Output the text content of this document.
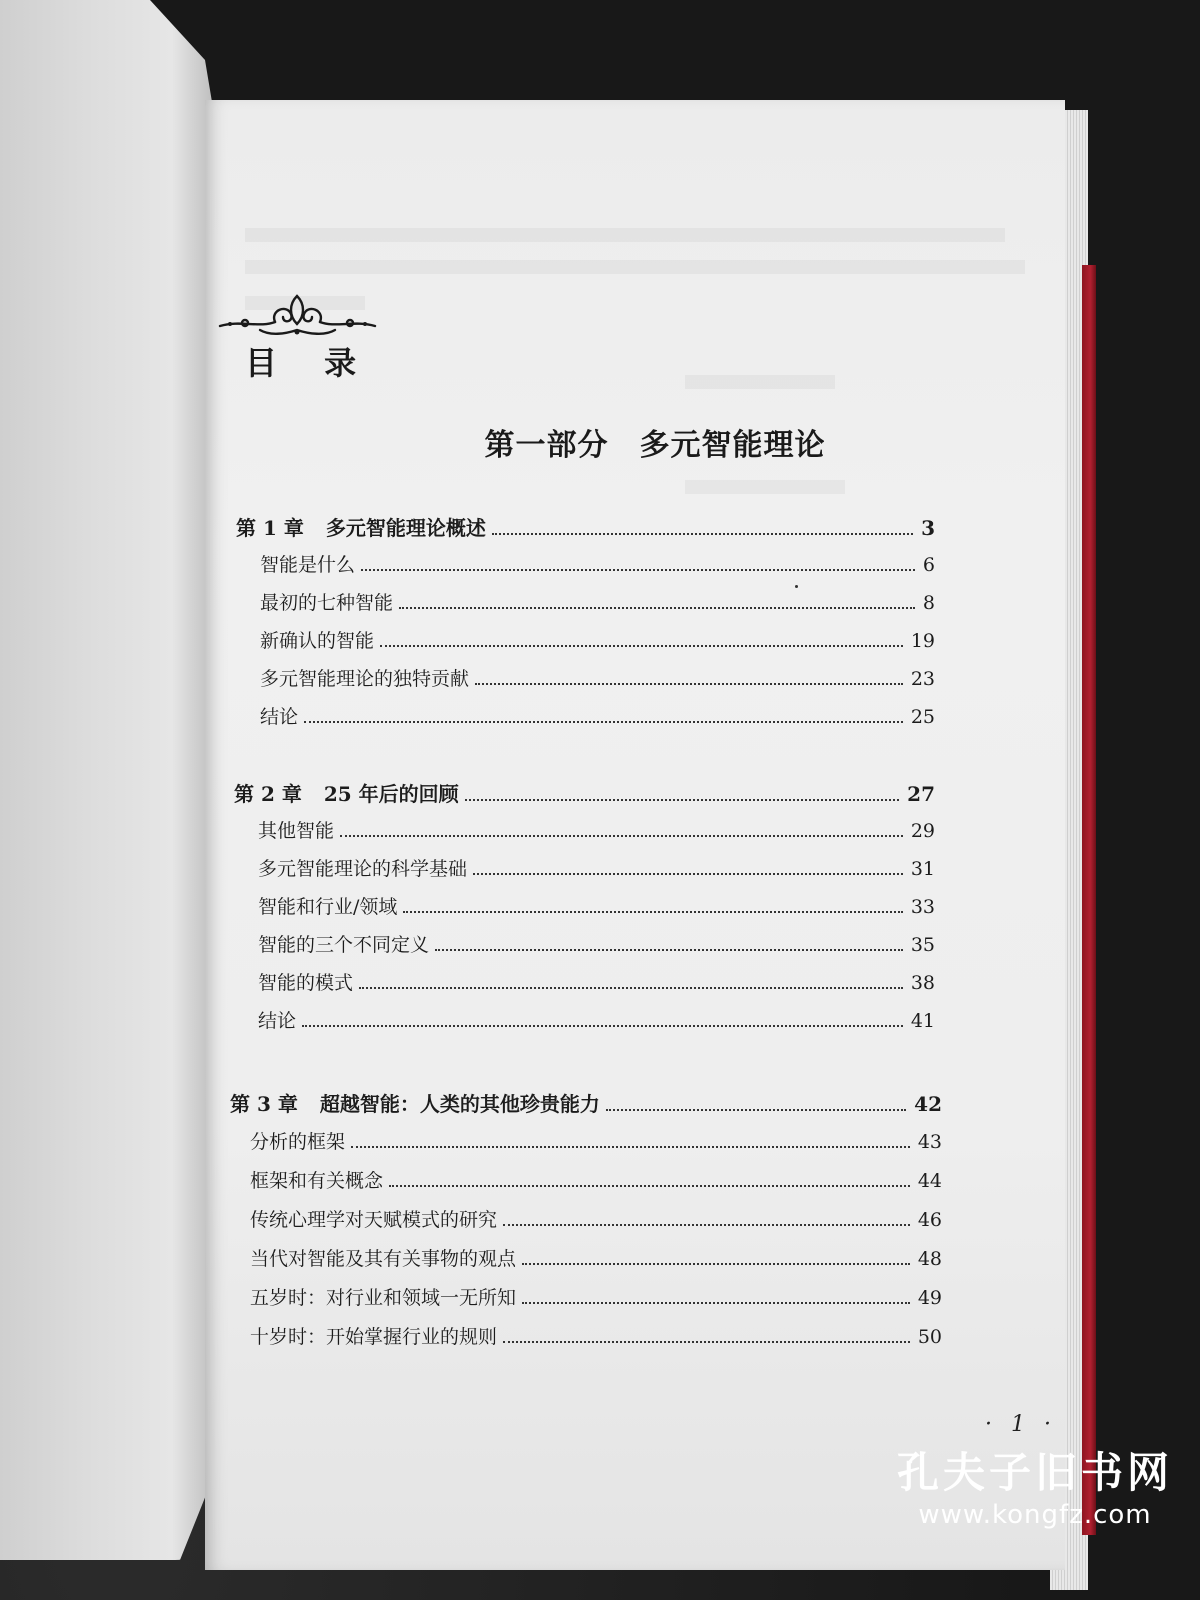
目 录
第一部分　多元智能理论
第 1 章 多元智能理论概述	3
智能是什么	6
最初的七种智能	8
新确认的智能	19
多元智能理论的独特贡献	23
结论	25
第 2 章 25 年后的回顾	27
其他智能	29
多元智能理论的科学基础	31
智能和行业/领域	33
智能的三个不同定义	35
智能的模式	38
结论	41
第 3 章 超越智能：人类的其他珍贵能力	42
分析的框架	43
框架和有关概念	44
传统心理学对天赋模式的研究	46
当代对智能及其有关事物的观点	48
五岁时：对行业和领域一无所知	49
十岁时：开始掌握行业的规则	50
· 1 ·
孔夫子旧书网
www.kongfz.com
